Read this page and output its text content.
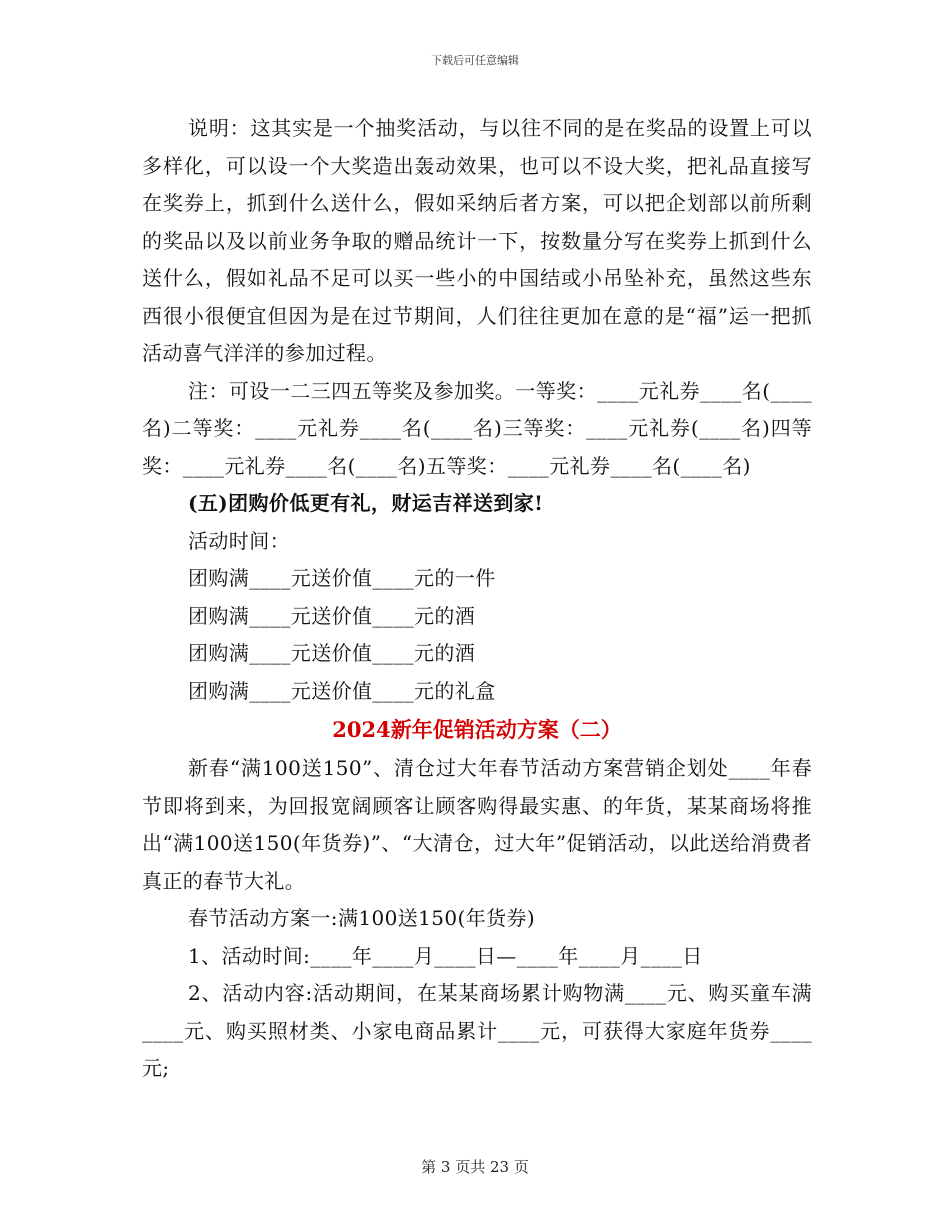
下载后可任意编辑

说明：这其实是一个抽奖活动，与以往不同的是在奖品的设置上可以多样化，可以设一个大奖造出轰动效果，也可以不设大奖，把礼品直接写在奖券上，抓到什么送什么，假如采纳后者方案，可以把企划部以前所剩的奖品以及以前业务争取的赠品统计一下，按数量分写在奖券上抓到什么送什么，假如礼品不足可以买一些小的中国结或小吊坠补充，虽然这些东西很小很便宜但因为是在过节期间，人们往往更加在意的是“福”运一把抓活动喜气洋洋的参加过程。

注：可设一二三四五等奖及参加奖。一等奖：____元礼券____名(____名)二等奖：____元礼券____名(____名)三等奖：____元礼券(____名)四等奖：____元礼券____名(____名)五等奖：____元礼券____名(____名)

(五)团购价低更有礼，财运吉祥送到家!

活动时间：

团购满____元送价值____元的一件

团购满____元送价值____元的酒

团购满____元送价值____元的酒

团购满____元送价值____元的礼盒

2024新年促销活动方案（二）

新春“满100送150”、清仓过大年春节活动方案营销企划处____年春节即将到来，为回报宽阔顾客让顾客购得最实惠、的年货，某某商场将推出“满100送150(年货券)”、“大清仓，过大年”促销活动，以此送给消费者真正的春节大礼。

春节活动方案一:满100送150(年货券)

1、活动时间:____年____月____日—____年____月____日

2、活动内容:活动期间，在某某商场累计购物满____元、购买童车满____元、购买照材类、小家电商品累计____元，可获得大家庭年货券____元;

第 3 页共 23 页
